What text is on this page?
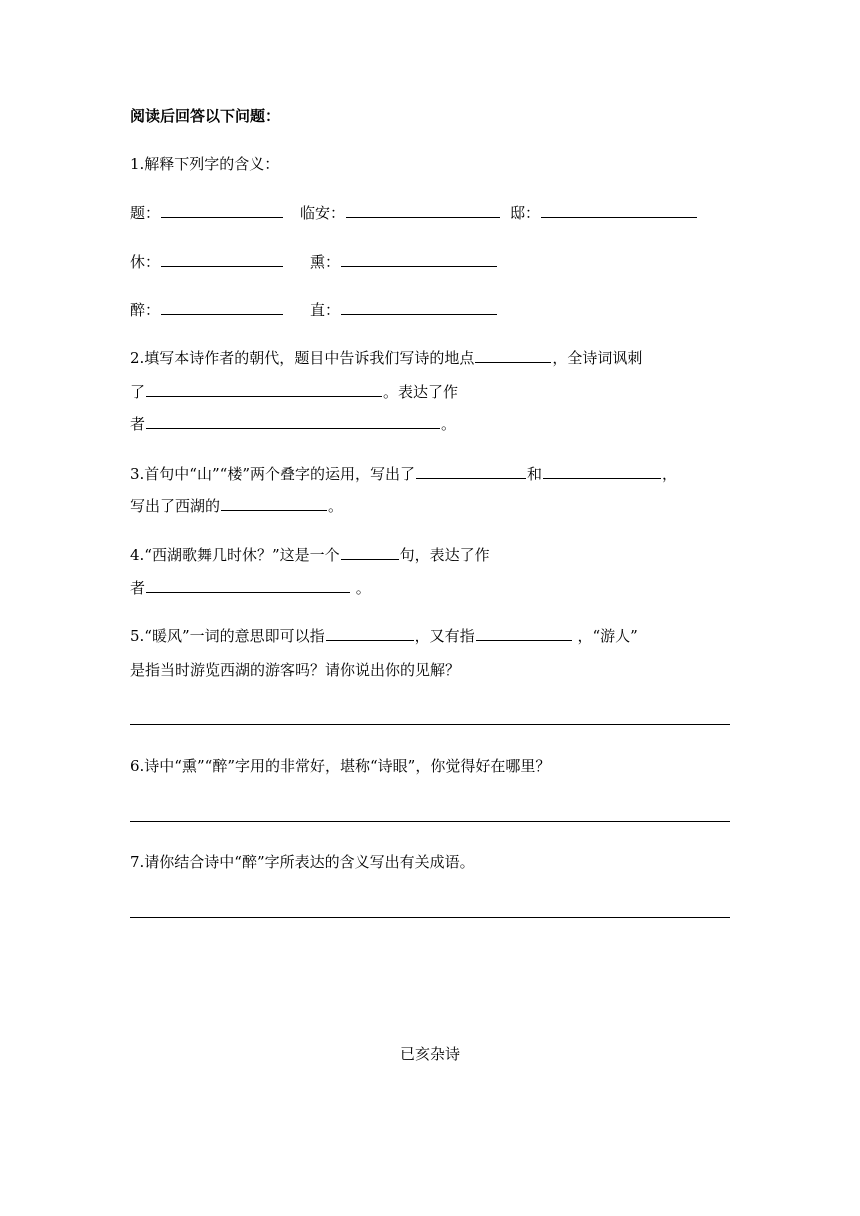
阅读后回答以下问题：
1.解释下列字的含义：
题：	临安：	邸：
休：	熏：
醉：	直：
2.填写本诗作者的朝代，题目中告诉我们写诗的地点	，全诗词讽刺
了	。表达了作
者	。
3.首句中“山”“楼”两个叠字的运用，写出了	和	，
写出了西湖的	。
4.“西湖歌舞几时休？”这是一个	句，表达了作
者	。
5.“暖风”一词的意思即可以指	，又有指	，“游人”
是指当时游览西湖的游客吗？请你说出你的见解？
6.诗中“熏”“醉”字用的非常好，堪称“诗眼”，你觉得好在哪里？
7.请你结合诗中“醉”字所表达的含义写出有关成语。
已亥杂诗
